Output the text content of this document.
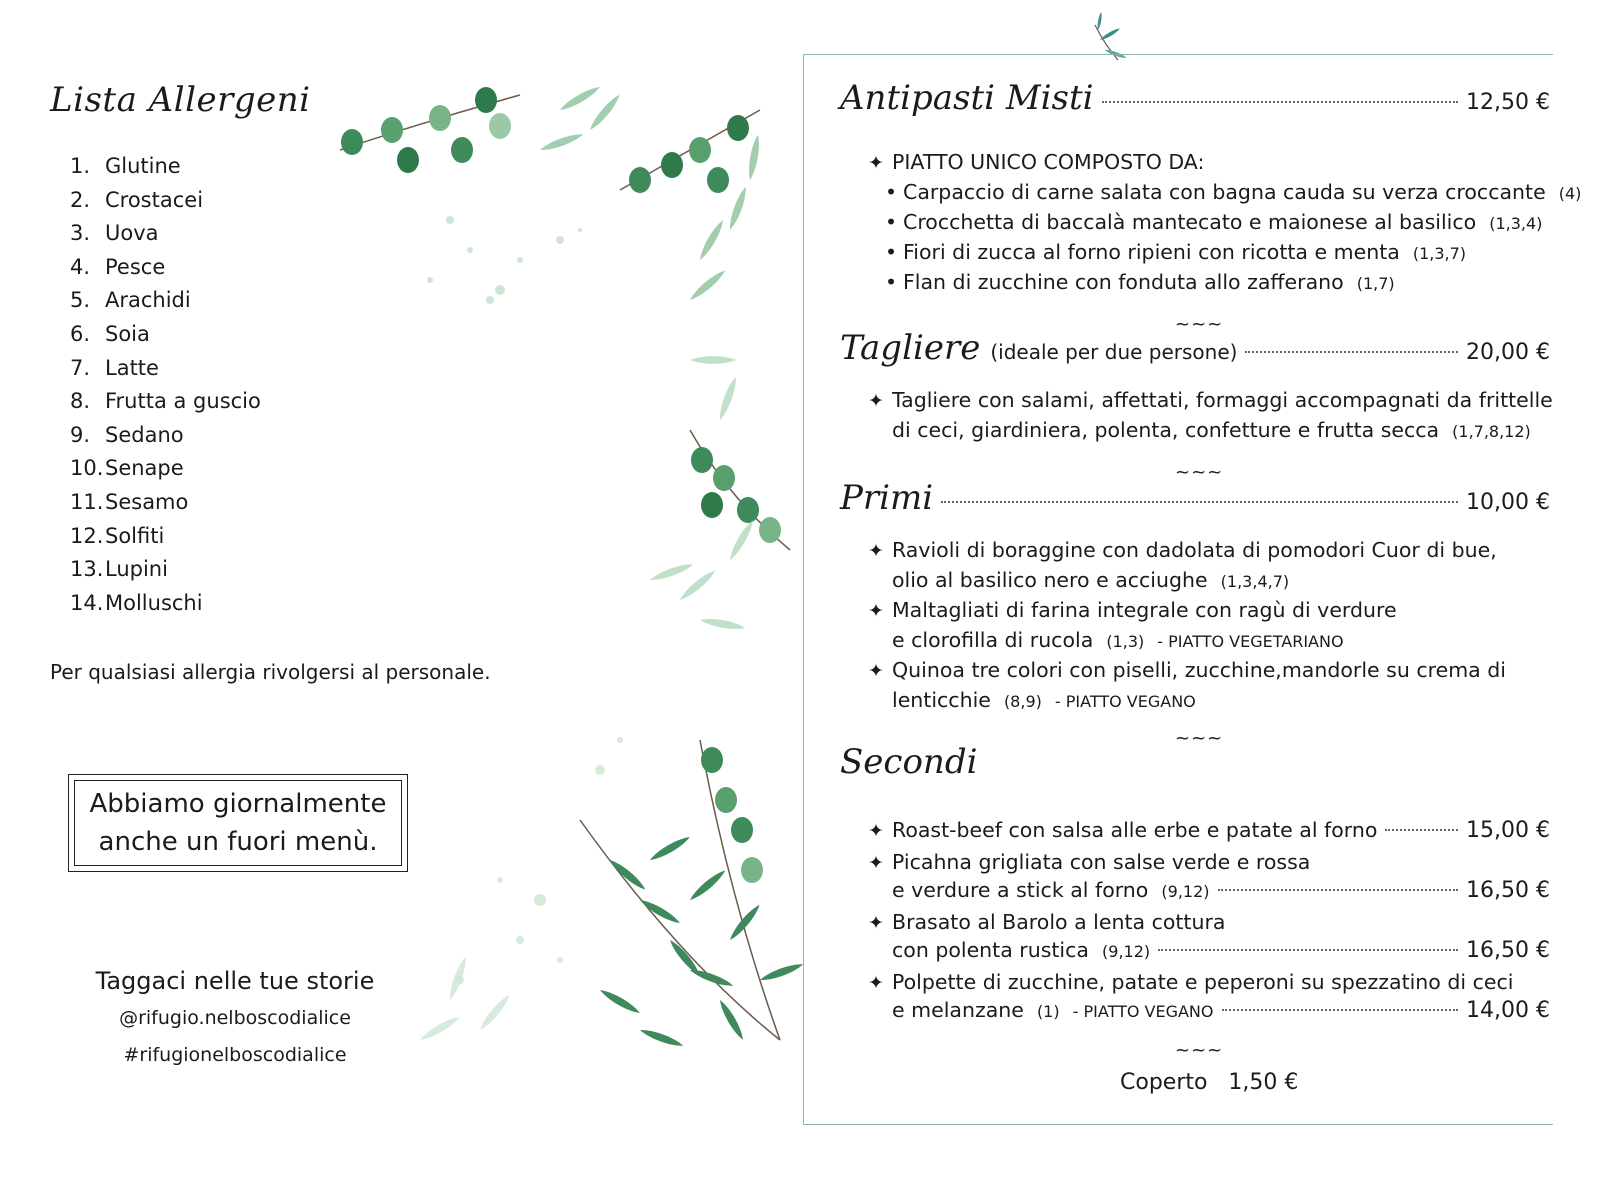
Lista Allergeni
1. Glutine
2. Crostacei
3. Uova
4. Pesce
5. Arachidi
6. Soia
7. Latte
8. Frutta a guscio
9. Sedano
10.Senape
11.Sesamo
12.Solfiti
13.Lupini
14.Molluschi
Per qualsiasi allergia rivolgersi al personale.
Abbiamo giornalmente
anche un fuori menù.
Taggaci nelle tue storie
@rifugio.nelboscodialice
#rifugionelboscodialice
Antipasti Misti	12,50 €
✦ PIATTO UNICO COMPOSTO DA:
• Carpaccio di carne salata con bagna cauda su verza croccante (4)
• Crocchetta di baccalà mantecato e maionese al basilico (1,3,4)
• Fiori di zucca al forno ripieni con ricotta e menta (1,3,7)
• Flan di zucchine con fonduta allo zafferano (1,7)
~~~
Tagliere (ideale per due persone)	20,00 €
✦ Tagliere con salami, affettati, formaggi accompagnati da frittelle
di ceci, giardiniera, polenta, confetture e frutta secca (1,7,8,12)
~~~
Primi	10,00 €
✦ Ravioli di boraggine con dadolata di pomodori Cuor di bue,
olio al basilico nero e acciughe (1,3,4,7)
✦ Maltagliati di farina integrale con ragù di verdure
e clorofilla di rucola (1,3) - PIATTO VEGETARIANO
✦ Quinoa tre colori con piselli, zucchine,mandorle su crema di
lenticchie (8,9) - PIATTO VEGANO
~~~
Secondi
✦ Roast-beef con salsa alle erbe e patate al forno	15,00 €
✦ Picahna grigliata con salse verde e rossa
e verdure a stick al forno
(9,12)	16,50 €
✦ Brasato al Barolo a lenta cottura
con polenta rustica
(9,12)	16,50 €
✦ Polpette di zucchine, patate e peperoni su spezzatino di ceci
e melanzane
(1)
- PIATTO VEGANO	14,00 €
~~~
Coperto   1,50 €
